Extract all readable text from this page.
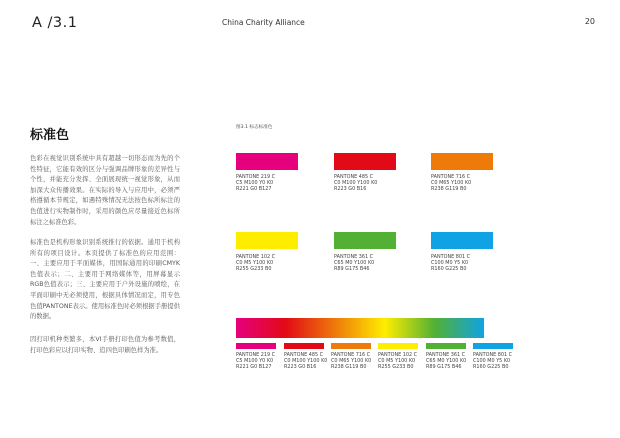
A /3.1	China Charity Alliance	20
标准色

色彩在视觉识别系统中具有超越一切形态而为先的个性特征，它能有效的区分与强调品牌形象的差异性与个性，并能充分发挥、全面展现统一视觉形象，从而加深大众传播效果。在实际的导入与应用中，必须严格遵循本节规定，如遇特殊情况无法按色标所标注的色值进行实物制作时，采用的颜色应尽量接近色标所标注之标准色彩。

标准色是机构形象识别系统推行的依据。通用于机构所有的项目设计。本页提供了标准色的应用范围：一、主要应用于平面媒体，用国际通用的印刷CMYK色值表示；二、主要用于网络媒体等，用屏幕显示RGB色值表示；三、主要应用于户外设施的喷绘，在平面印刷中无必须使用，根据具体情况而定，用专色色值PANTONE表示。使用标准色时必须根据手册提供的数据。

因打印机种类繁多，本VI手册打印色值为参考数值，打印色彩应以打印实物、追四色印刷色样为准。

图3.1 标志标准色
PANTONE 219 C
C5 M100 Y0 K0
R221 G0 B127
PANTONE 485 C
C0 M100 Y100 K0
R223 G0 B16
PANTONE 716 C
C0 M65 Y100 K0
R238 G119 B0
PANTONE 102 C
C0 M5 Y100 K0
R255 G233 B0
PANTONE 361 C
C65 M0 Y100 K0
R89 G175 B46
PANTONE 801 C
C100 M0 Y5 K0
R160 G225 B0
PANTONE 219 C
C5 M100 Y0 K0
R221 G0 B127
PANTONE 485 C
C0 M100 Y100 K0
R223 G0 B16
PANTONE 716 C
C0 M65 Y100 K0
R238 G119 B0
PANTONE 102 C
C0 M5 Y100 K0
R255 G233 B0
PANTONE 361 C
C65 M0 Y100 K0
R89 G175 B46
PANTONE 801 C
C100 M0 Y5 K0
R160 G225 B0
